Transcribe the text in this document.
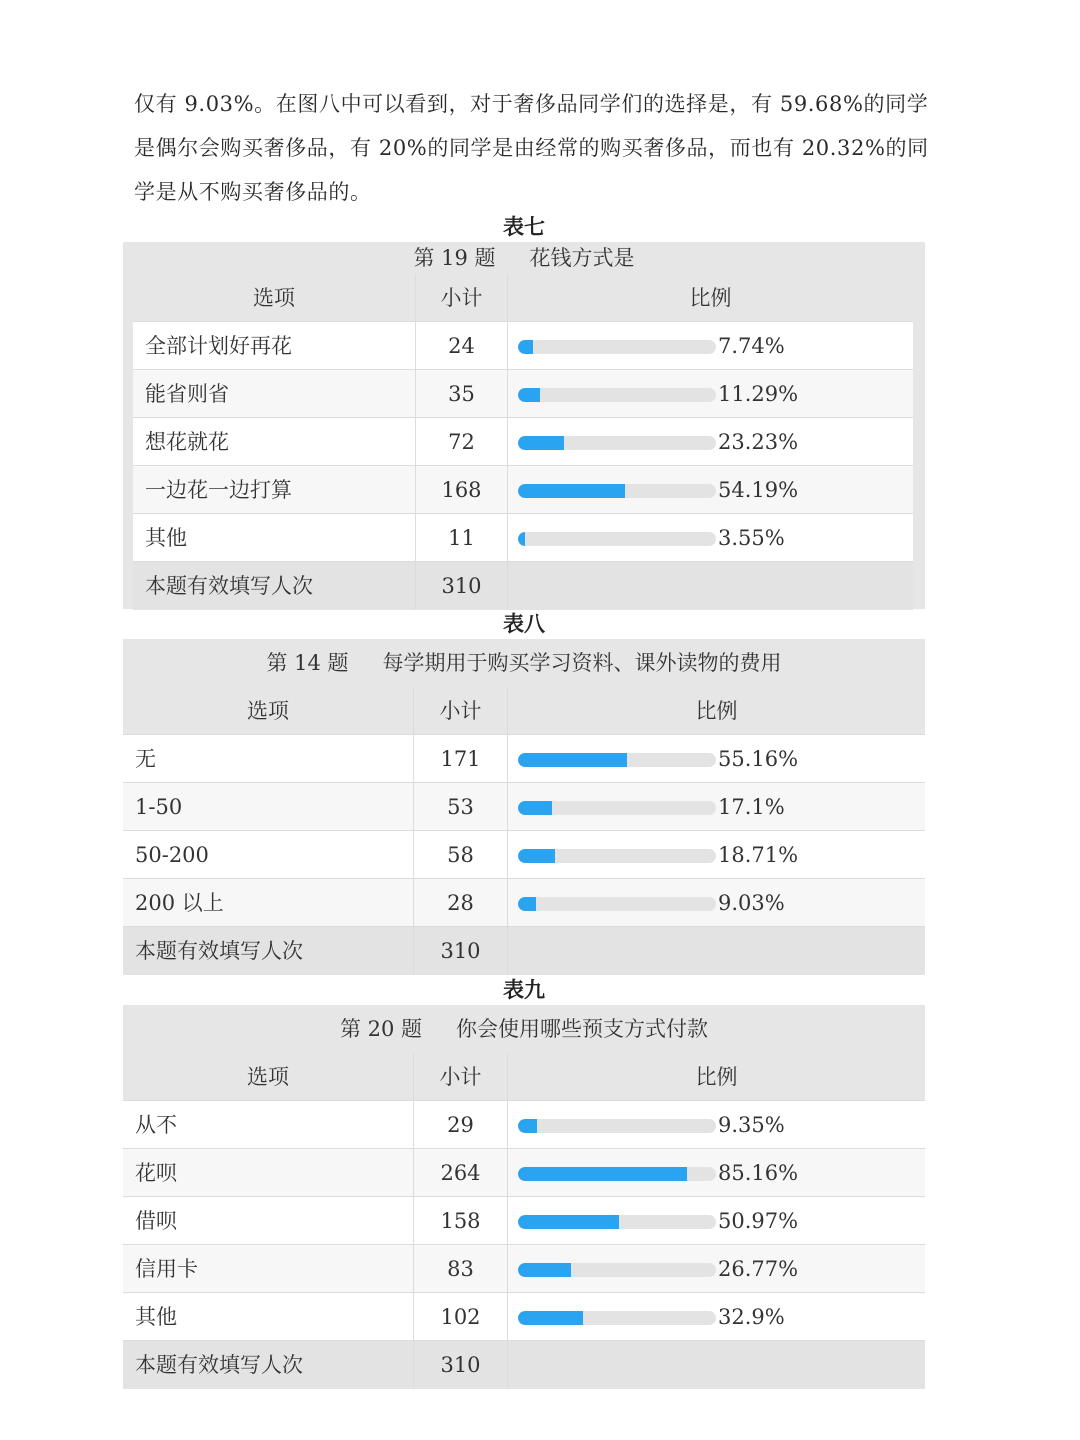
仅有 9.03%。在图八中可以看到，对于奢侈品同学们的选择是，有 59.68%的同学

是偶尔会购买奢侈品，有 20%的同学是由经常的购买奢侈品，而也有 20.32%的同

学是从不购买奢侈品的。

表七
第 19 题 花钱方式是
选项	小计	比例
全部计划好再花	24	7.74%
能省则省	35	11.29%
想花就花	72	23.23%
一边花一边打算	168	54.19%
其他	11	3.55%
本题有效填写人次	310
表八
第 14 题 每学期用于购买学习资料、课外读物的费用
选项	小计	比例
无	171	55.16%
1-50	53	17.1%
50-200	58	18.71%
200 以上	28	9.03%
本题有效填写人次	310
表九
第 20 题 你会使用哪些预支方式付款
选项	小计	比例
从不	29	9.35%
花呗	264	85.16%
借呗	158	50.97%
信用卡	83	26.77%
其他	102	32.9%
本题有效填写人次	310
